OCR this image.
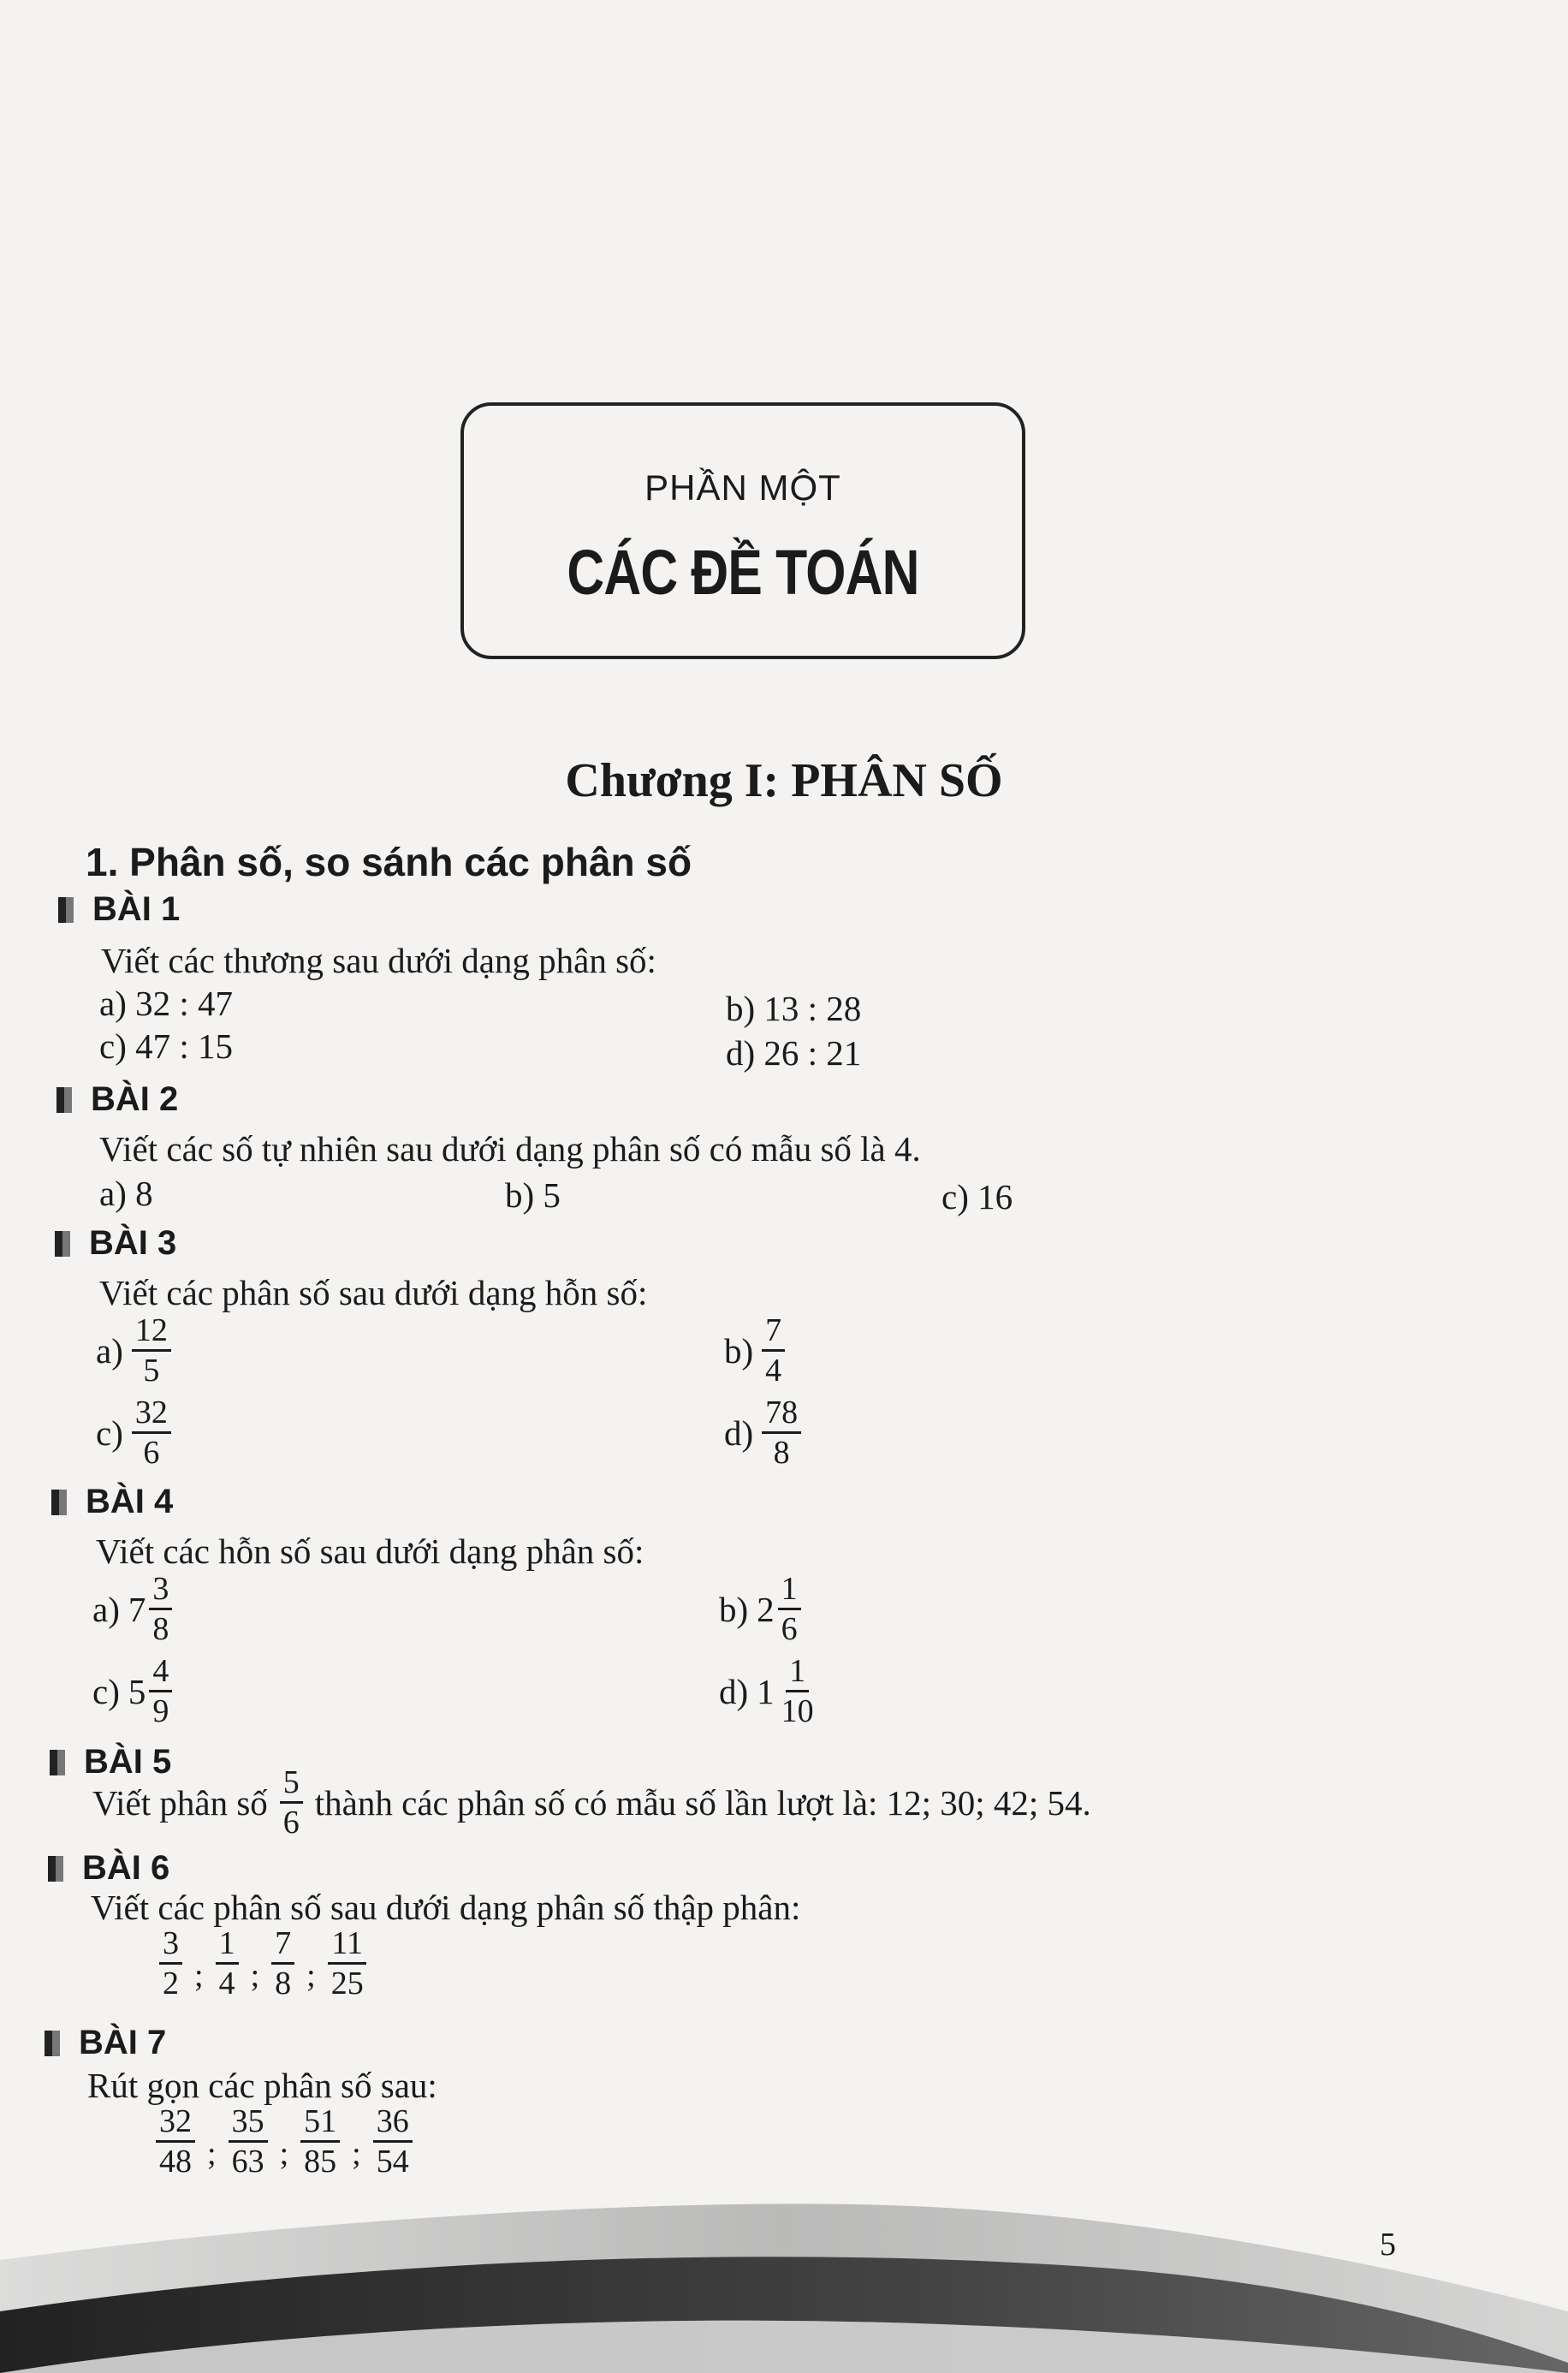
PHẦN MỘT
CÁC ĐỀ TOÁN
Chương I: PHÂN SỐ
1. Phân số, so sánh các phân số
BÀI 1
Viết các thương sau dưới dạng phân số:
a) 32 : 47	b) 13 : 28
c) 47 : 15	d) 26 : 21
BÀI 2
Viết các số tự nhiên sau dưới dạng phân số có mẫu số là 4.
a) 8	b) 5	c) 16
BÀI 3
Viết các phân số sau dưới dạng hỗn số:
$a) \frac{12}{5}$	$b) \frac{7}{4}$
$c) \frac{32}{6}$	$d) \frac{78}{8}$
BÀI 4
Viết các hỗn số sau dưới dạng phân số:
a) $7 \frac{3}{8}$	b) $2 \frac{1}{6}$
c) $5 \frac{4}{9}$	d) $1 \frac{1}{10}$
BÀI 5
Viết phân số $\frac{5}{6}$ thành các phân số có mẫu số lần lượt là: 12; 30; 42; 54.
BÀI 6
Viết các phân số sau dưới dạng phân số thập phân:
$\frac{3}{2}$ ; $\frac{1}{4}$ ; $\frac{7}{8}$ ; $\frac{11}{25}$
BÀI 7
Rút gọn các phân số sau:
$\frac{32}{48}$ ; $\frac{35}{63}$ ; $\frac{51}{85}$ ; $\frac{36}{54}$
5
